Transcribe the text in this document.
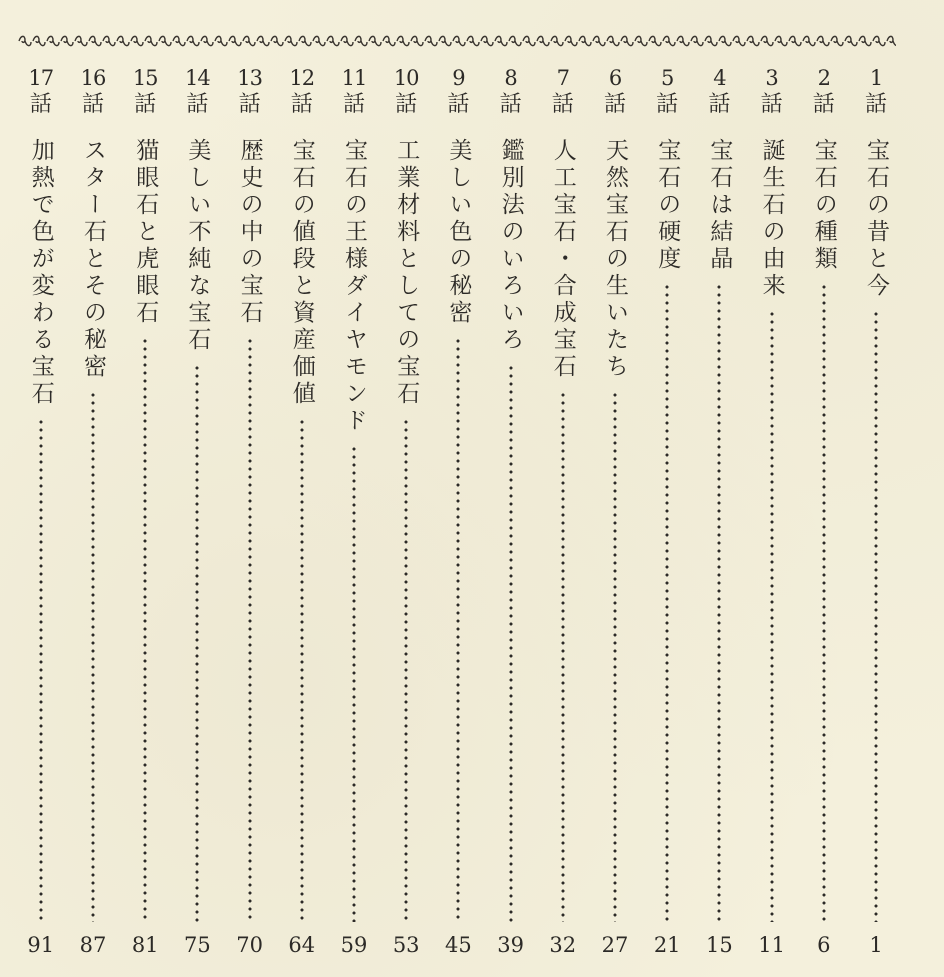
1
話
宝石の昔と今
1
2
話
宝石の種類
6
3
話
誕生石の由来
11
4
話
宝石は結晶
15
5
話
宝石の硬度
21
6
話
天然宝石の生いたち
27
7
話
人工宝石・合成宝石
32
8
話
鑑別法のいろいろ
39
9
話
美しい色の秘密
45
10
話
工業材料としての宝石
53
11
話
宝石の王様ダイヤモンド
59
12
話
宝石の値段と資産価値
64
13
話
歴史の中の宝石
70
14
話
美しい不純な宝石
75
15
話
猫眼石と虎眼石
81
16
話
スター石とその秘密
87
17
話
加熱で色が変わる宝石
91
